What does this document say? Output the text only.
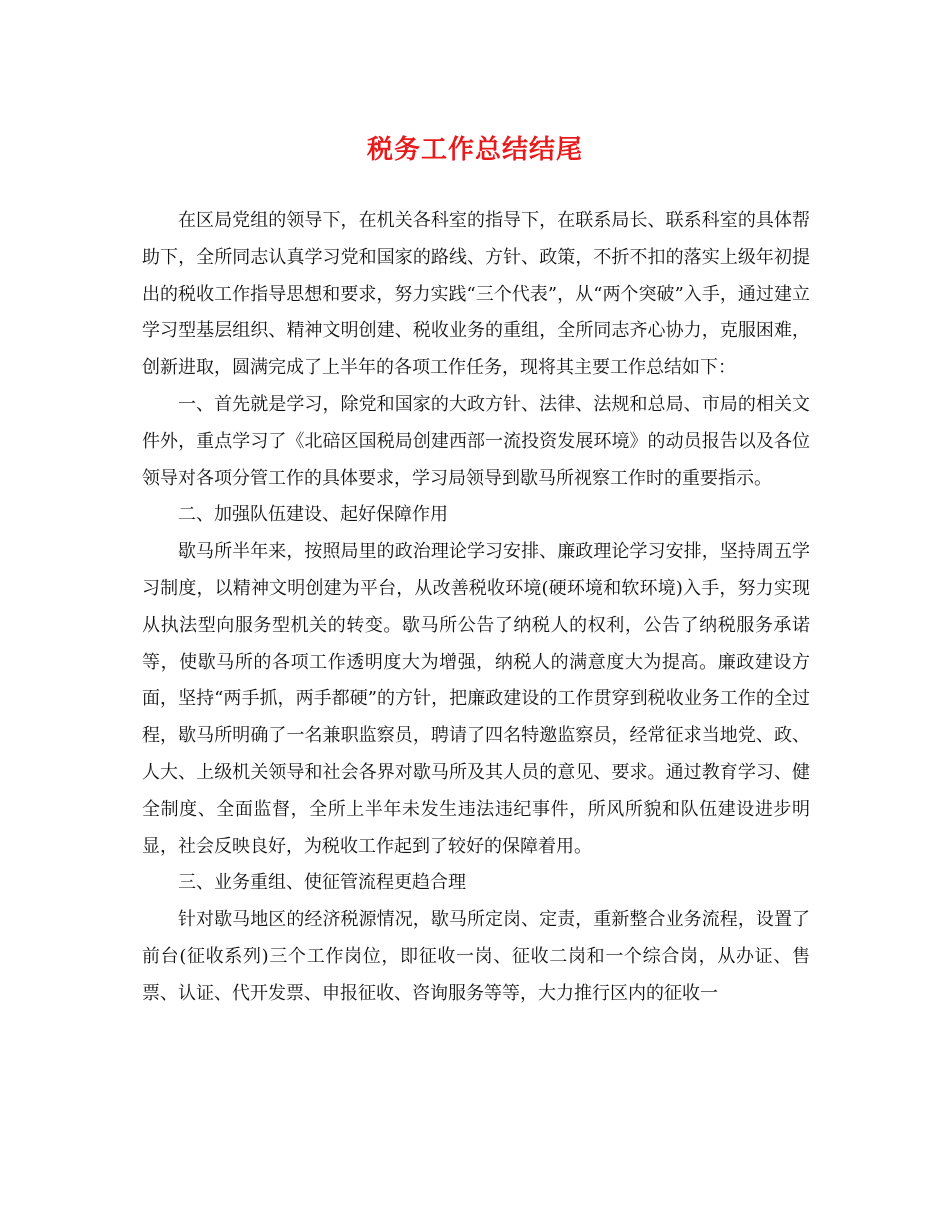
税务工作总结结尾

在区局党组的领导下，在机关各科室的指导下，在联系局长、联系科室的具体帮助下，全所同志认真学习党和国家的路线、方针、政策，不折不扣的落实上级年初提出的税收工作指导思想和要求，努力实践“三个代表”，从“两个突破”入手，通过建立学习型基层组织、精神文明创建、税收业务的重组，全所同志齐心协力，克服困难，创新进取，圆满完成了上半年的各项工作任务，现将其主要工作总结如下：

一、首先就是学习，除党和国家的大政方针、法律、法规和总局、市局的相关文件外，重点学习了《北碚区国税局创建西部一流投资发展环境》的动员报告以及各位领导对各项分管工作的具体要求，学习局领导到歇马所视察工作时的重要指示。

二、加强队伍建设、起好保障作用

歇马所半年来，按照局里的政治理论学习安排、廉政理论学习安排，坚持周五学习制度，以精神文明创建为平台，从改善税收环境(硬环境和软环境)入手，努力实现从执法型向服务型机关的转变。歇马所公告了纳税人的权利，公告了纳税服务承诺等，使歇马所的各项工作透明度大为增强，纳税人的满意度大为提高。廉政建设方面，坚持“两手抓，两手都硬”的方针，把廉政建设的工作贯穿到税收业务工作的全过程，歇马所明确了一名兼职监察员，聘请了四名特邀监察员，经常征求当地党、政、人大、上级机关领导和社会各界对歇马所及其人员的意见、要求。通过教育学习、健全制度、全面监督，全所上半年未发生违法违纪事件，所风所貌和队伍建设进步明显，社会反映良好，为税收工作起到了较好的保障着用。

三、业务重组、使征管流程更趋合理

针对歇马地区的经济税源情况，歇马所定岗、定责，重新整合业务流程，设置了前台(征收系列)三个工作岗位，即征收一岗、征收二岗和一个综合岗，从办证、售票、认证、代开发票、申报征收、咨询服务等等，大力推行区内的征收一
